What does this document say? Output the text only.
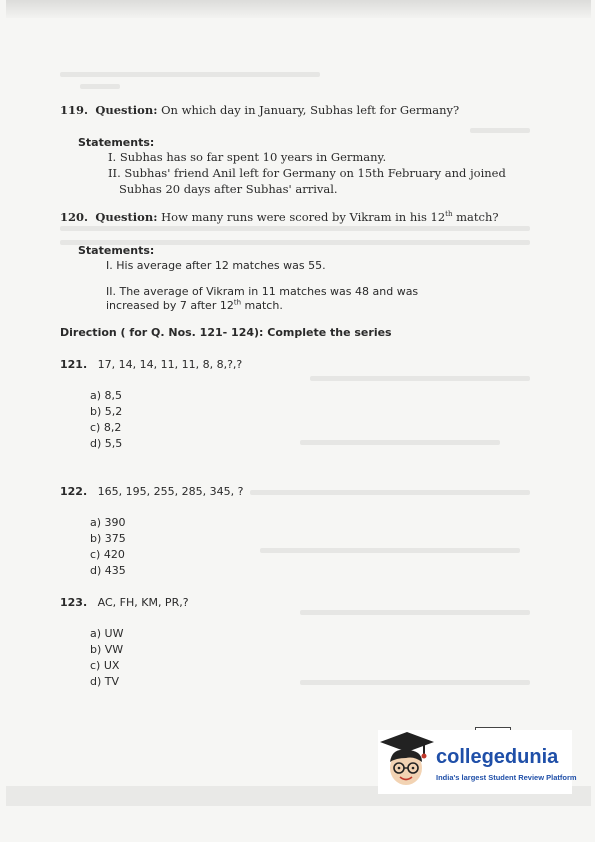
119. Question: On which day in January, Subhas left for Germany?
Statements:
I. Subhas has so far spent 10 years in Germany.
II. Subhas' friend Anil left for Germany on 15th February and joined
Subhas 20 days after Subhas' arrival.
120. Question: How many runs were scored by Vikram in his 12th match?
Statements:
I. His average after 12 matches was 55.
II. The average of Vikram in 11 matches was 48 and was
increased by 7 after 12th match.
Direction ( for Q. Nos. 121- 124): Complete the series
121. 17, 14, 14, 11, 11, 8, 8,?,?
a) 8,5
b) 5,2
c) 8,2
d) 5,5
122. 165, 195, 255, 285, 345, ?
a) 390
b) 375
c) 420
d) 435
123. AC, FH, KM, PR,?
a) UW
b) VW
c) UX
d) TV
collegedunia
India's largest Student Review Platform
